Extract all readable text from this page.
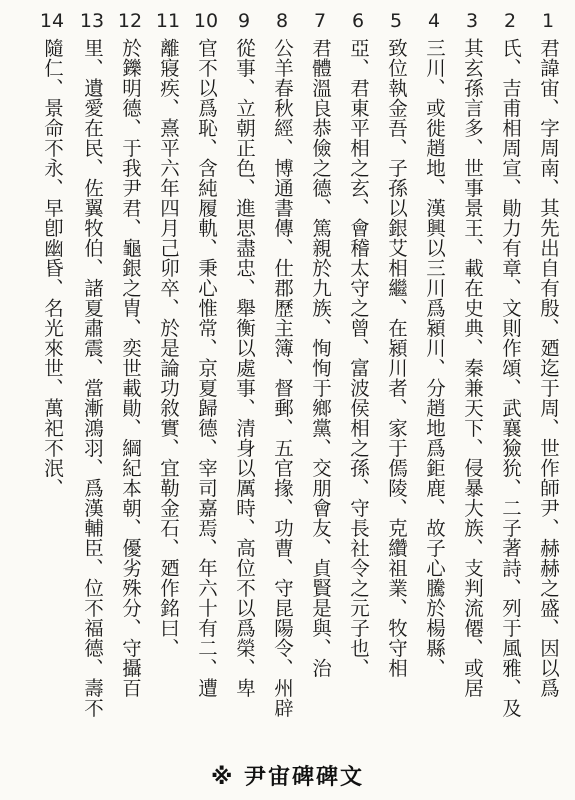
1
君諱宙、字周南、其先出自有殷、廼迄于周、世作師尹、赫赫之盛、因以爲
2
氏、吉甫相周宣、勛力有章、文則作頌、武襄獫狁、二子著詩、列于風雅、及
3
其玄孫言多、世事景王、載在史典、秦兼天下、侵暴大族、支判流僊、或居
4
三川、或徙趙地、漢興以三川爲潁川、分趙地爲鉅鹿、故子心騰於楊縣、
5
致位執金吾、子孫以銀艾相繼、在潁川者、家于傿陵、克纘祖業、牧守相
6
亞、君東平相之玄、會稽太守之曾、富波侯相之孫、守長社令之元子也、
7
君體溫良恭儉之德、篤親於九族、恂恂于鄉黨、交朋會友、貞賢是與、治
8
公羊春秋經、博通書傳、仕郡歷主簿、督郵、五官掾、功曹、守昆陽令、州辟
9
從事、立朝正色、進思盡忠、舉衡以處事、清身以厲時、高位不以爲榮、卑
10
官不以爲恥、含純履軌、秉心惟常、京夏歸德、宰司嘉焉、年六十有二、遭
11
離寢疾、熹平六年四月己卯卒、於是論功敘實、宜勒金石、廼作銘曰、
12
於鑠明德、于我尹君、龜銀之胄、奕世載勛、綱紀本朝、優劣殊分、守攝百
13
里、遺愛在民、佐翼牧伯、諸夏肅震、當漸鴻羽、爲漢輔臣、位不福德、壽不
14
隨仁、景命不永、早卽幽昏、名光來世、萬祀不泯、
※ 尹宙碑碑文
